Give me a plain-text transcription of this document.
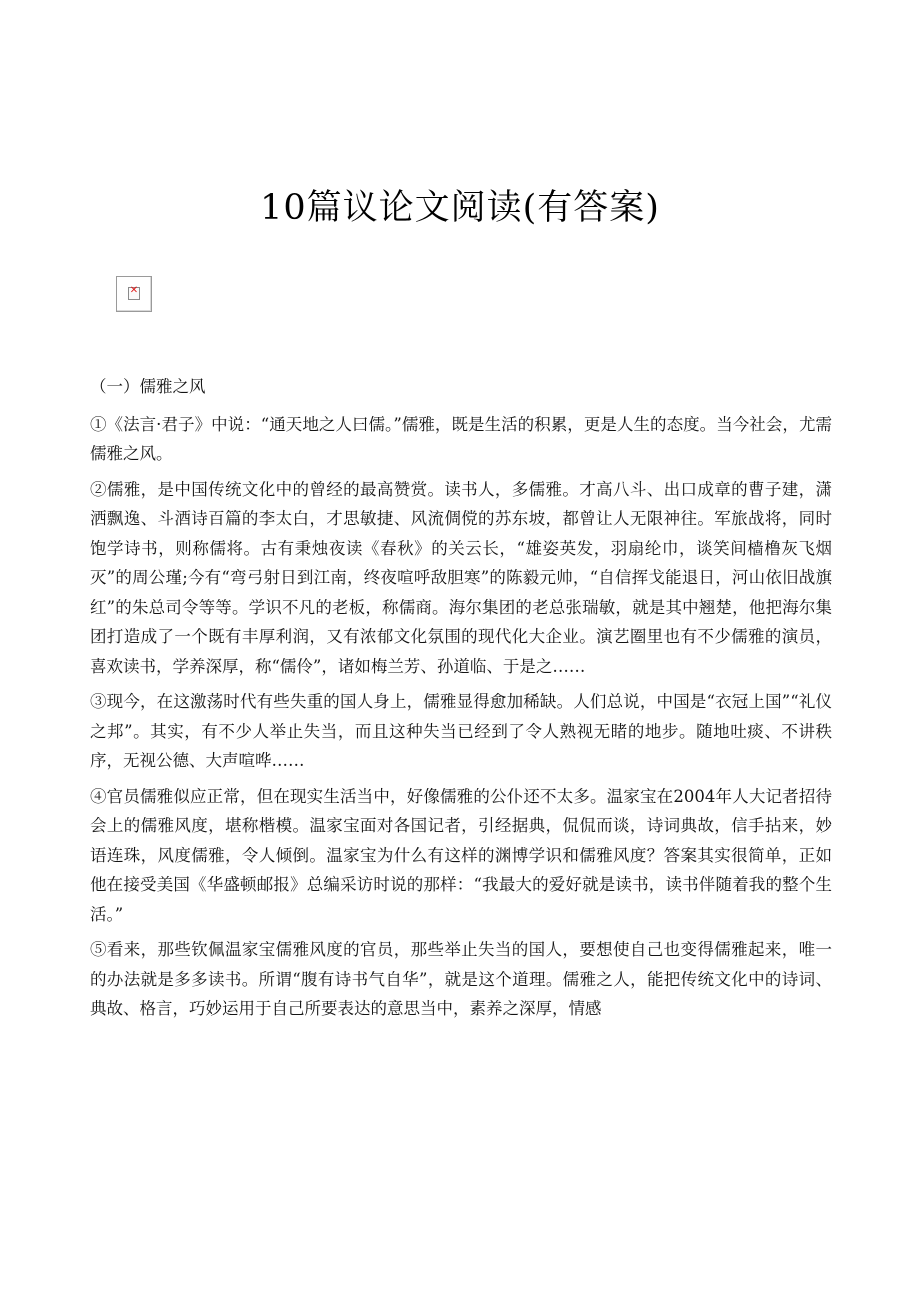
10篇议论文阅读(有答案)
✕

（一）儒雅之风

①《法言·君子》中说：“通天地之人曰儒。”儒雅，既是生活的积累，更是人生的态度。当今社会，尤需儒雅之风。

②儒雅，是中国传统文化中的曾经的最高赞赏。读书人，多儒雅。才高八斗、出口成章的曹子建，潇洒飘逸、斗酒诗百篇的李太白，才思敏捷、风流倜傥的苏东坡，都曾让人无限神往。军旅战将，同时饱学诗书，则称儒将。古有秉烛夜读《春秋》的关云长，“雄姿英发，羽扇纶巾，谈笑间樯橹灰飞烟灭”的周公瑾;今有“弯弓射日到江南，终夜喧呼敌胆寒”的陈毅元帅，“自信挥戈能退日，河山依旧战旗红”的朱总司令等等。学识不凡的老板，称儒商。海尔集团的老总张瑞敏，就是其中翘楚，他把海尔集团打造成了一个既有丰厚利润，又有浓郁文化氛围的现代化大企业。演艺圈里也有不少儒雅的演员，喜欢读书，学养深厚，称“儒伶”，诸如梅兰芳、孙道临、于是之……

③现今，在这激荡时代有些失重的国人身上，儒雅显得愈加稀缺。人们总说，中国是“衣冠上国”“礼仪之邦”。其实，有不少人举止失当，而且这种失当已经到了令人熟视无睹的地步。随地吐痰、不讲秩序，无视公德、大声喧哗……

④官员儒雅似应正常，但在现实生活当中，好像儒雅的公仆还不太多。温家宝在2004年人大记者招待会上的儒雅风度，堪称楷模。温家宝面对各国记者，引经据典，侃侃而谈，诗词典故，信手拈来，妙语连珠，风度儒雅，令人倾倒。温家宝为什么有这样的渊博学识和儒雅风度？答案其实很简单，正如他在接受美国《华盛顿邮报》总编采访时说的那样：“我最大的爱好就是读书，读书伴随着我的整个生活。”

⑤看来，那些钦佩温家宝儒雅风度的官员，那些举止失当的国人，要想使自己也变得儒雅起来，唯一的办法就是多多读书。所谓“腹有诗书气自华”，就是这个道理。儒雅之人，能把传统文化中的诗词、典故、格言，巧妙运用于自己所要表达的意思当中，素养之深厚，情感
